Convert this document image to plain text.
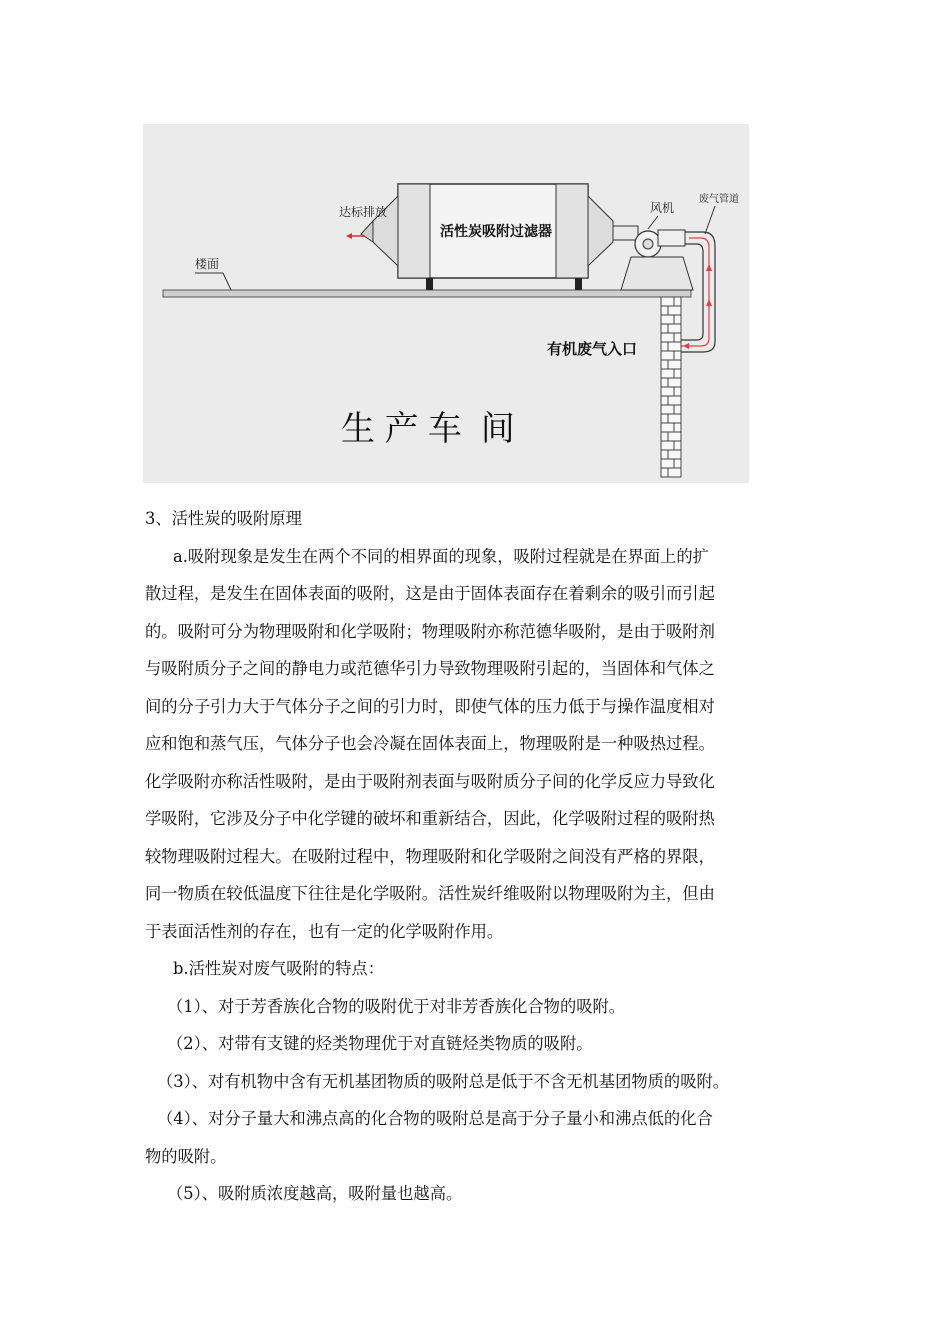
楼面
活性炭吸附过滤器
达标排放	风机
废气管道
有机废气入口
生 产 车  间
3、活性炭的吸附原理
a.吸附现象是发生在两个不同的相界面的现象，吸附过程就是在界面上的扩
散过程，是发生在固体表面的吸附，这是由于固体表面存在着剩余的吸引而引起
的。吸附可分为物理吸附和化学吸附；物理吸附亦称范德华吸附，是由于吸附剂
与吸附质分子之间的静电力或范德华引力导致物理吸附引起的，当固体和气体之
间的分子引力大于气体分子之间的引力时，即使气体的压力低于与操作温度相对
应和饱和蒸气压，气体分子也会冷凝在固体表面上，物理吸附是一种吸热过程。
化学吸附亦称活性吸附，是由于吸附剂表面与吸附质分子间的化学反应力导致化
学吸附，它涉及分子中化学键的破坏和重新结合，因此，化学吸附过程的吸附热
较物理吸附过程大。在吸附过程中，物理吸附和化学吸附之间没有严格的界限，
同一物质在较低温度下往往是化学吸附。活性炭纤维吸附以物理吸附为主，但由
于表面活性剂的存在，也有一定的化学吸附作用。
b.活性炭对废气吸附的特点：
（1）、对于芳香族化合物的吸附优于对非芳香族化合物的吸附。
（2）、对带有支键的烃类物理优于对直链烃类物质的吸附。
（3）、对有机物中含有无机基团物质的吸附总是低于不含无机基团物质的吸附。
（4）、对分子量大和沸点高的化合物的吸附总是高于分子量小和沸点低的化合
物的吸附。
（5）、吸附质浓度越高，吸附量也越高。
